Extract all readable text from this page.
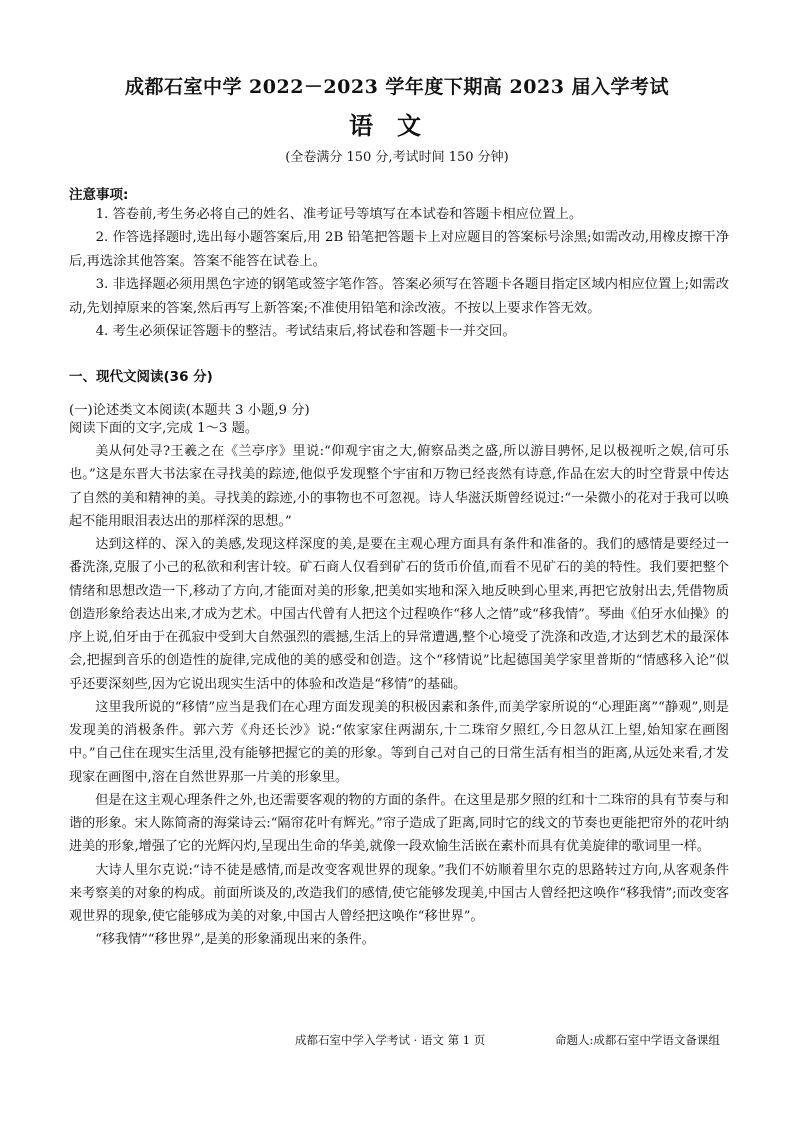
成都石室中学 2022－2023 学年度下期高 2023 届入学考试
语文
(全卷满分 150 分,考试时间 150 分钟)
注意事项:

1. 答卷前,考生务必将自己的姓名、准考证号等填写在本试卷和答题卡相应位置上。

2. 作答选择题时,选出每小题答案后,用 2B 铅笔把答题卡上对应题目的答案标号涂黑;如需改动,用橡皮擦干净后,再选涂其他答案。答案不能答在试卷上。

3. 非选择题必须用黑色字迹的钢笔或签字笔作答。答案必须写在答题卡各题目指定区域内相应位置上;如需改动,先划掉原来的答案,然后再写上新答案;不准使用铅笔和涂改液。不按以上要求作答无效。

4. 考生必须保证答题卡的整洁。考试结束后,将试卷和答题卡一并交回。

一、现代文阅读(36 分)
(一)论述类文本阅读(本题共 3 小题,9 分)
阅读下面的文字,完成 1～3 题。

美从何处寻?王羲之在《兰亭序》里说:“仰观宇宙之大,俯察品类之盛,所以游目骋怀,足以极视听之娱,信可乐也。”这是东晋大书法家在寻找美的踪迹,他似乎发现整个宇宙和万物已经丧然有诗意,作品在宏大的时空背景中传达了自然的美和精神的美。寻找美的踪迹,小的事物也不可忽视。诗人华滋沃斯曾经说过:“一朵微小的花对于我可以唤起不能用眼泪表达出的那样深的思想。”

达到这样的、深入的美感,发现这样深度的美,是要在主观心理方面具有条件和准备的。我们的感情是要经过一番洗涤,克服了小己的私欲和利害计较。矿石商人仅看到矿石的货币价值,而看不见矿石的美的特性。我们要把整个情绪和思想改造一下,移动了方向,才能面对美的形象,把美如实地和深入地反映到心里来,再把它放射出去,凭借物质创造形象给表达出来,才成为艺术。中国古代曾有人把这个过程唤作“移人之情”或“移我情”。琴曲《伯牙水仙操》的序上说,伯牙由于在孤寂中受到大自然强烈的震撼,生活上的异常遭遇,整个心境受了洗涤和改造,才达到艺术的最深体会,把握到音乐的创造性的旋律,完成他的美的感受和创造。这个“移情说”比起德国美学家里普斯的“情感移入论”似乎还要深刻些,因为它说出现实生活中的体验和改造是“移情”的基础。

这里我所说的“移情”应当是我们在心理方面发现美的积极因素和条件,而美学家所说的“心理距离”“静观”,则是发现美的消极条件。郭六芳《舟还长沙》说:“侬家家住两湖东,十二珠帘夕照红,今日忽从江上望,始知家在画图中。”自己住在现实生活里,没有能够把握它的美的形象。等到自己对自己的日常生活有相当的距离,从远处来看,才发现家在画图中,溶在自然世界那一片美的形象里。

但是在这主观心理条件之外,也还需要客观的物的方面的条件。在这里是那夕照的红和十二珠帘的具有节奏与和谐的形象。宋人陈简斋的海棠诗云:“隔帘花叶有辉光。”帘子造成了距离,同时它的线文的节奏也更能把帘外的花叶纳进美的形象,增强了它的光辉闪灼,呈现出生命的华美,就像一段欢愉生活嵌在素朴而具有优美旋律的歌词里一样。

大诗人里尔克说:“诗不徒是感情,而是改变客观世界的现象。”我们不妨顺着里尔克的思路转过方向,从客观条件来考察美的对象的构成。前面所谈及的,改造我们的感情,使它能够发现美,中国古人曾经把这唤作“移我情”;而改变客观世界的现象,使它能够成为美的对象,中国古人曾经把这唤作“移世界”。

“移我情”“移世界”,是美的形象涌现出来的条件。

成都石室中学入学考试 · 语文 第 1 页	命题人:成都石室中学语文备课组
